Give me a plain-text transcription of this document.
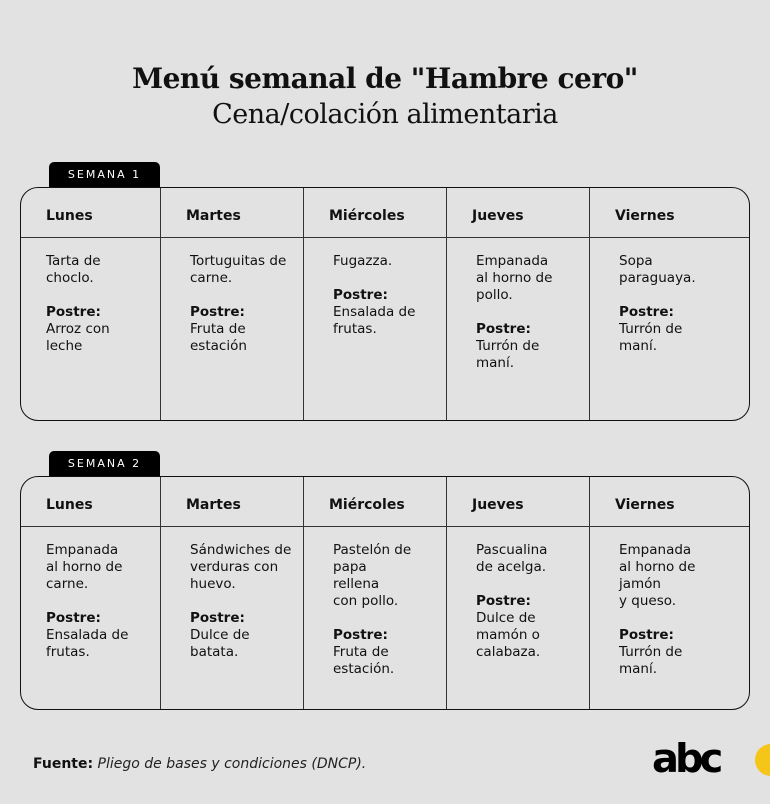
Menú semanal de "Hambre cero"
Cena/colación alimentaria
SEMANA 1
Lunes
Tarta de
choclo.
Postre:
Arroz con
leche
Martes
Tortuguitas de
carne.
Postre:
Fruta de
estación
Miércoles
Fugazza.
Postre:
Ensalada de
frutas.
Jueves
Empanada
al horno de
pollo.
Postre:
Turrón de
maní.
Viernes
Sopa
paraguaya.
Postre:
Turrón de
maní.
SEMANA 2
Lunes
Empanada
al horno de
carne.
Postre:
Ensalada de
frutas.
Martes
Sándwiches de
verduras con
huevo.
Postre:
Dulce de
batata.
Miércoles
Pastelón de
papa
rellena
con pollo.
Postre:
Fruta de
estación.
Jueves
Pascualina
de acelga.
Postre:
Dulce de
mamón o
calabaza.
Viernes
Empanada
al horno de
jamón
y queso.
Postre:
Turrón de
maní.
Fuente: Pliego de bases y condiciones (DNCP).	abc
